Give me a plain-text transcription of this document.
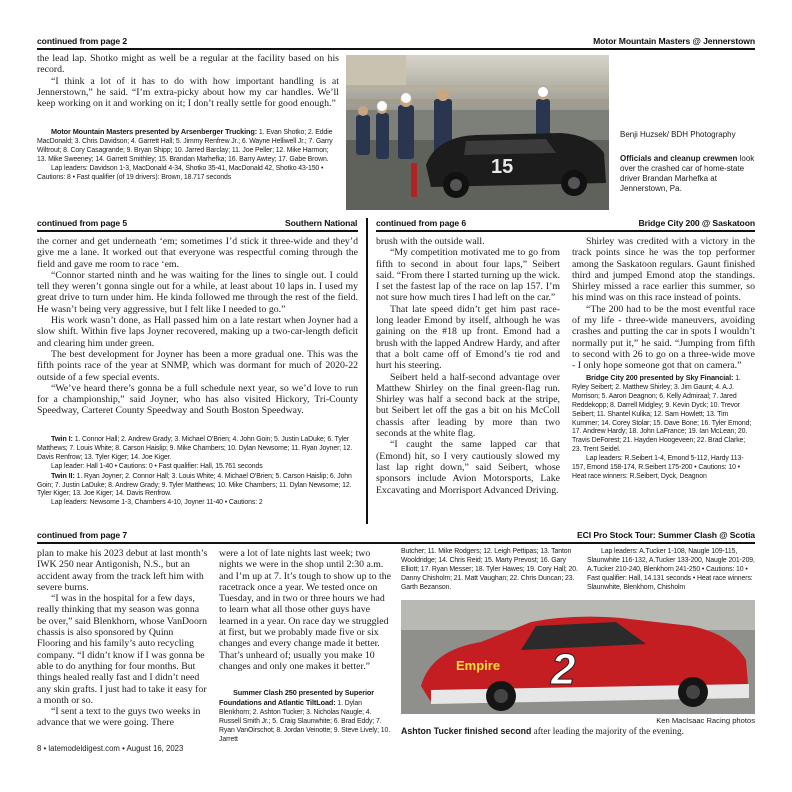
continued from page 2	Motor Mountain Masters @ Jennerstown

the lead lap. Shotko might as well be a regular at the facility based on his record.

“I think a lot of it has to do with how important handling is at Jennerstown,” he said. “I’m extra-picky about how my car handles. We’ll keep working on it and working on it; I don’t really settle for good enough.”

Motor Mountain Masters presented by Arsenberger Trucking: 1. Evan Shotko; 2. Eddie MacDonald; 3. Chris Davidson; 4. Garrett Hall; 5. Jimmy Renfrew Jr.; 6. Wayne Helliwell Jr.; 7. Garry Wiltrout; 8. Cory Casagrande; 9. Bryan Shipp; 10. Jarred Barclay; 11. Joe Peller; 12. Mike Harmon; 13. Mike Sweeney; 14. Garrett Smithley; 15. Brandan Marhefka; 16. Barry Awtey; 17. Gabe Brown.

Lap leaders: Davidson 1-3, MacDonald 4-34, Shotko 35-41, MacDonald 42, Shotko 43-150 • Cautions: 8 • Fast qualifier (of 19 drivers): Brown, 18.717 seconds	15
Benji Huzsek/ BDH Photography
Officials and cleanup crewmen look over the crashed car of home-state driver Brandan Marhefka at Jennerstown, Pa.
continued from page 5	Southern National continued from page 6	Bridge City 200 @ Saskatoon

the corner and get underneath ‘em; sometimes I’d stick it three-wide and they’d give me a lane. It worked out that everyone was respectful coming through the field and gave me room to race ‘em.

“Connor started ninth and he was waiting for the lines to single out. I could tell they weren’t gonna single out for a while, at least about 10 laps in. I used my great drive to turn under him. He kinda followed me through the rest of the field. He wasn’t being very aggressive, but I felt like I needed to go.”

His work wasn’t done, as Hall passed him on a late restart when Joyner had a slow shift. Within five laps Joyner recovered, making up a two-car-length deficit and clearing him under green.

The best development for Joyner has been a more gradual one. This was the fifth points race of the year at SNMP, which was dormant for much of 2020-22 outside of a few special events.

“We’ve heard there’s gonna be a full schedule next year, so we’d love to run for a championship,” said Joyner, who has also visited Hickory, Tri-County Speedway, Carteret County Speedway and South Boston Speedway.

Twin I: 1. Connor Hall; 2. Andrew Grady; 3. Michael O’Brien; 4. John Goin; 5. Justin LaDuke; 6. Tyler Matthews; 7. Louis White; 8. Carson Haislip; 9. Mike Chambers; 10. Dylan Newsome; 11. Ryan Joyner; 12. Davis Renfrow; 13. Tyler Kiger; 14. Joe Kiger.

Lap leader: Hall 1-40 • Cautions: 0 • Fast qualifier: Hall, 15.761 seconds

Twin II: 1. Ryan Joyner; 2. Connor Hall; 3. Louis White; 4. Michael O’Brien; 5. Carson Haislip; 6. John Goin; 7. Justin LaDuke; 8. Andrew Grady; 9. Tyler Matthews; 10. Mike Chambers; 11. Dylan Newsome; 12. Tyler Kiger; 13. Joe Kiger; 14. Davis Renfrow.

Lap leaders: Newsome 1-3, Chambers 4-10, Joyner 11-40 • Cautions: 2

brush with the outside wall.

“My competition motivated me to go from fifth to second in about four laps,” Seibert said. “From there I started turning up the wick. I set the fastest lap of the race on lap 157. I’m not sure how much tires I had left on the car.”

That late speed didn’t get him past race-long leader Emond by itself, although he was gaining on the #18 up front. Emond had a brush with the lapped Andrew Hardy, and after that a bolt came off of Emond’s tie rod and hurt his steering.

Seibert held a half-second advantage over Matthew Shirley on the final green-flag run. Shirley was half a second back at the stripe, but Seibert let off the gas a bit on his McColl chassis after leading by more than two seconds at the white flag.

“I caught the same lapped car that (Emond) hit, so I very cautiously slowed my last lap right down,” said Seibert, whose sponsors include Avion Motorsports, Lake Excavating and Morrisport Advanced Driving.

Shirley was credited with a victory in the track points since he was the top performer among the Saskatoon regulars. Gaunt finished third and jumped Emond atop the standings. Shirley missed a race earlier this summer, so his mind was on this race instead of points.

“The 200 had to be the most eventful race of my life - three-wide maneuvers, avoiding crashes and putting the car in spots I wouldn’t normally put it,” he said. “Jumping from fifth to second with 26 to go on a three-wide move - I only hope someone got that on camera.”

Bridge City 200 presented by Sky Financial: 1. Ryley Seibert; 2. Matthew Shirley; 3. Jim Gaunt; 4. A.J. Morrison; 5. Aaron Deagnon; 6. Kelly Admiraal; 7. Jared Reddekopp; 8. Darrell Midgley; 9. Kevin Dyck; 10. Trevor Seibert; 11. Shantel Kulika; 12. Sam Howlett; 13. Tim Kummer; 14. Corey Stolar; 15. Dave Bone; 16. Tyler Emond; 17. Andrew Hardy; 18. John LaFrance; 19. Ian McLean; 20. Travis DeForest; 21. Hayden Hoogeveen; 22. Brad Clarke; 23. Trent Seidel.

Lap leaders: R.Seibert 1-4, Emond 5-112, Hardy 113-157, Emond 158-174, R.Seibert 175-200 • Cautions: 10 • Heat race winners: R.Seibert, Dyck, Deagnon

continued from page 7	ECI Pro Stock Tour: Summer Clash @ Scotia

plan to make his 2023 debut at last month’s IWK 250 near Antigonish, N.S., but an accident away from the track left him with severe burns.

“I was in the hospital for a few days, really thinking that my season was gonna be over,” said Blenkhorn, whose VanDoorn chassis is also sponsored by Quinn Flooring and his family’s auto recycling company. “I didn’t know if I was gonna be able to do anything for four months. But things healed really fast and I didn’t need any skin grafts. I just had to take it easy for a month or so.

“I sent a text to the guys two weeks in advance that we were going. There

were a lot of late nights last week; two nights we were in the shop until 2:30 a.m. and I’m up at 7. It’s tough to show up to the racetrack once a year. We tested once on Tuesday, and in two or three hours we had to learn what all those other guys have learned in a year. On race day we struggled at first, but we probably made five or six changes and every change made it better. That’s unheard of; usually you make 10 changes and only one makes it better.”

Summer Clash 250 presented by Superior Foundations and Atlantic TiltLoad: 1. Dylan Blenkhorn; 2. Ashton Tucker; 3. Nicholas Naugle; 4. Russell Smith Jr.; 5. Craig Slaunwhite; 6. Brad Eddy; 7. Ryan VanOirschot; 8. Jordan Veinotte; 9. Steve Lively; 10. Jarrett

Butcher; 11. Mike Rodgers; 12. Leigh Pettipas; 13. Tanton Wooldridge; 14. Chris Reid; 15. Marty Prevost; 16. Gary Elliott; 17. Ryan Messer; 18. Tyler Hawes; 19. Cory Hall; 20. Danny Chisholm; 21. Matt Vaughan; 22. Chris Duncan; 23. Garth Bezanson.

Lap leaders: A.Tucker 1-108, Naugle 109-115, Slaunwhite 116-132, A.Tucker 133-200, Naugle 201-209, A.Tucker 210-240, Blenkhorn 241-250 • Cautions: 10 • Fast qualifier: Hall, 14.131 seconds • Heat race winners: Slaunwhite, Blenkhorn, Chisholm

2
Empire
Ken MacIsaac Racing photos
Ashton Tucker finished second after leading the majority of the evening.
8 • latemodeldigest.com • August 16, 2023
